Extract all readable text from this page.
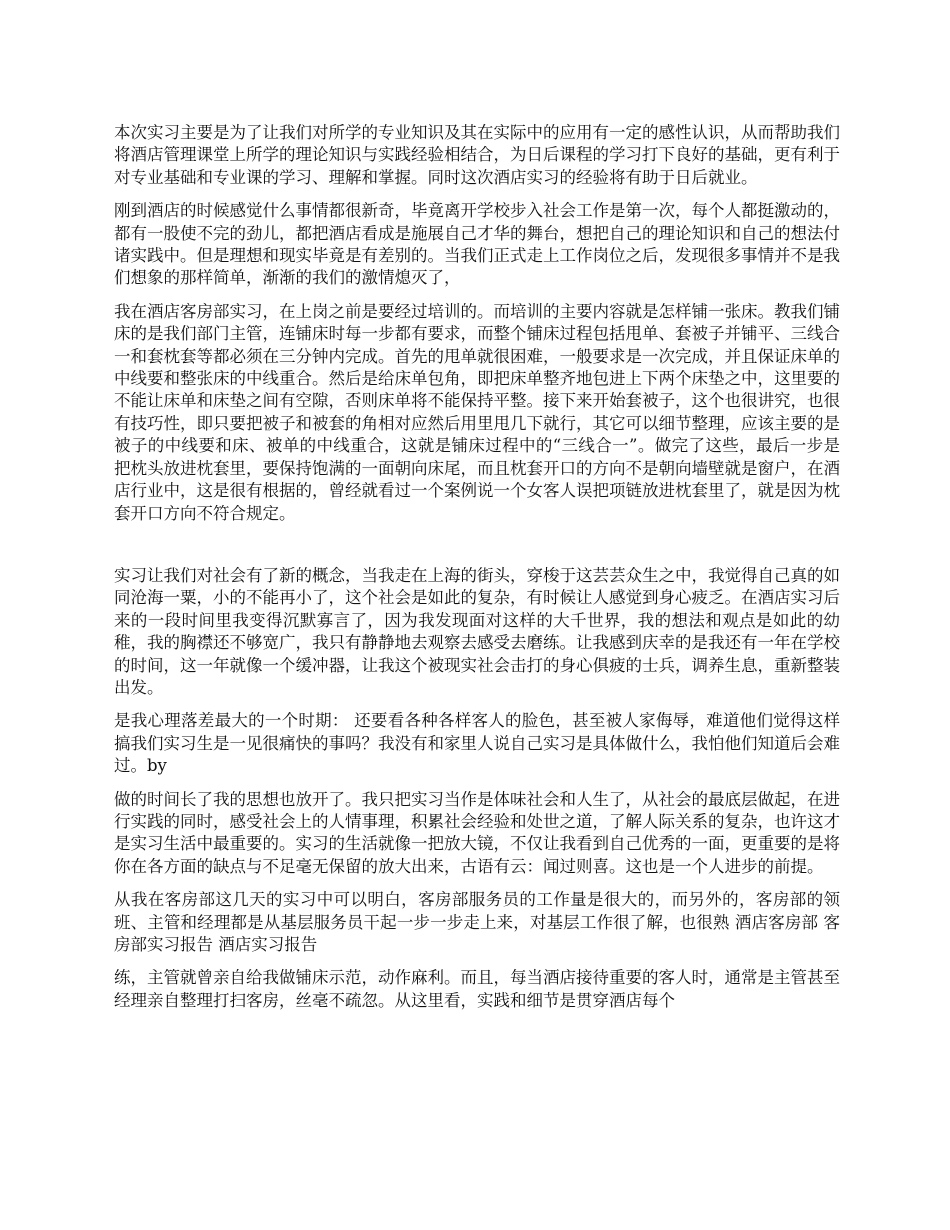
本次实习主要是为了让我们对所学的专业知识及其在实际中的应用有一定的感性认识，从而帮助我们将酒店管理课堂上所学的理论知识与实践经验相结合，为日后课程的学习打下良好的基础，更有利于对专业基础和专业课的学习、理解和掌握。同时这次酒店实习的经验将有助于日后就业。

刚到酒店的时候感觉什么事情都很新奇，毕竟离开学校步入社会工作是第一次，每个人都挺激动的，都有一股使不完的劲儿，都把酒店看成是施展自己才华的舞台，想把自己的理论知识和自己的想法付诸实践中。但是理想和现实毕竟是有差别的。当我们正式走上工作岗位之后，发现很多事情并不是我们想象的那样简单，渐渐的我们的激情熄灭了，

我在酒店客房部实习，在上岗之前是要经过培训的。而培训的主要内容就是怎样铺一张床。教我们铺床的是我们部门主管，连铺床时每一步都有要求，而整个铺床过程包括甩单、套被子并铺平、三线合一和套枕套等都必须在三分钟内完成。首先的甩单就很困难，一般要求是一次完成，并且保证床单的中线要和整张床的中线重合。然后是给床单包角，即把床单整齐地包进上下两个床垫之中，这里要的不能让床单和床垫之间有空隙，否则床单将不能保持平整。接下来开始套被子，这个也很讲究，也很有技巧性，即只要把被子和被套的角相对应然后用里甩几下就行，其它可以细节整理，应该主要的是被子的中线要和床、被单的中线重合，这就是铺床过程中的“三线合一”。做完了这些，最后一步是把枕头放进枕套里，要保持饱满的一面朝向床尾，而且枕套开口的方向不是朝向墙壁就是窗户，在酒店行业中，这是很有根据的，曾经就看过一个案例说一个女客人误把项链放进枕套里了，就是因为枕套开口方向不符合规定。

实习让我们对社会有了新的概念，当我走在上海的街头，穿梭于这芸芸众生之中，我觉得自己真的如同沧海一粟，小的不能再小了，这个社会是如此的复杂，有时候让人感觉到身心疲乏。在酒店实习后来的一段时间里我变得沉默寡言了，因为我发现面对这样的大千世界，我的想法和观点是如此的幼稚，我的胸襟还不够宽广，我只有静静地去观察去感受去磨练。让我感到庆幸的是我还有一年在学校的时间，这一年就像一个缓冲器，让我这个被现实社会击打的身心俱疲的士兵，调养生息，重新整装出发。

是我心理落差最大的一个时期： 还要看各种各样客人的脸色，甚至被人家侮辱，难道他们觉得这样搞我们实习生是一见很痛快的事吗？我没有和家里人说自己实习是具体做什么，我怕他们知道后会难过。by

做的时间长了我的思想也放开了。我只把实习当作是体味社会和人生了，从社会的最底层做起，在进行实践的同时，感受社会上的人情事理，积累社会经验和处世之道，了解人际关系的复杂，也许这才是实习生活中最重要的。实习的生活就像一把放大镜，不仅让我看到自己优秀的一面，更重要的是将你在各方面的缺点与不足毫无保留的放大出来，古语有云：闻过则喜。这也是一个人进步的前提。

从我在客房部这几天的实习中可以明白，客房部服务员的工作量是很大的，而另外的，客房部的领班、主管和经理都是从基层服务员干起一步一步走上来，对基层工作很了解，也很熟 酒店客房部 客房部实习报告 酒店实习报告

练，主管就曾亲自给我做铺床示范，动作麻利。而且，每当酒店接待重要的客人时，通常是主管甚至经理亲自整理打扫客房，丝毫不疏忽。从这里看，实践和细节是贯穿酒店每个
